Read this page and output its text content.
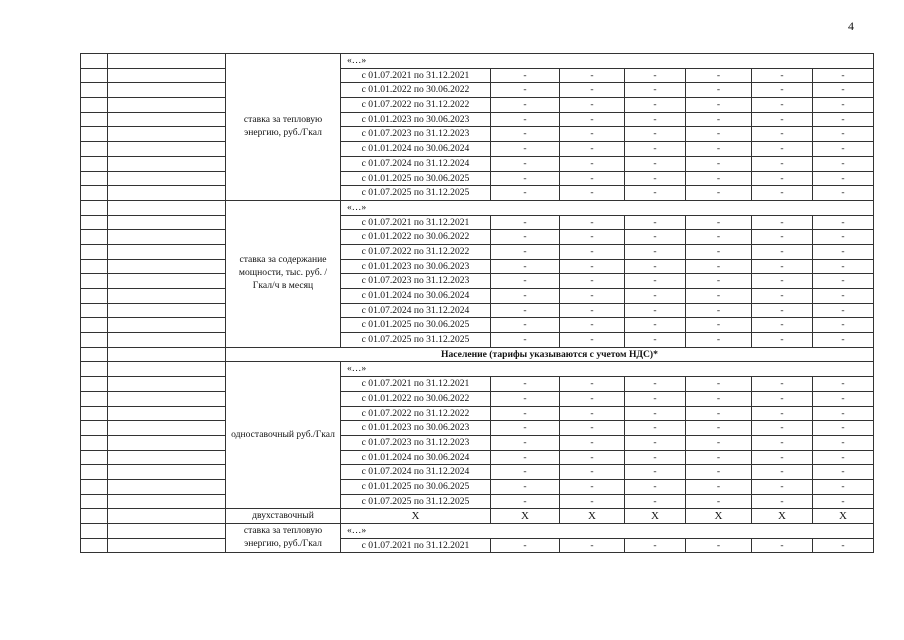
4
		ставка за тепловую энергию, руб./Гкал	«…»						
			с 01.07.2021 по 31.12.2021	-	-	-	-	-	-
			с 01.01.2022 по 30.06.2022	-	-	-	-	-	-
			с 01.07.2022 по 31.12.2022	-	-	-	-	-	-
			с 01.01.2023 по 30.06.2023	-	-	-	-	-	-
			с 01.07.2023 по 31.12.2023	-	-	-	-	-	-
			с 01.01.2024 по 30.06.2024	-	-	-	-	-	-
			с 01.07.2024 по 31.12.2024	-	-	-	-	-	-
			с 01.01.2025 по 30.06.2025	-	-	-	-	-	-
			с 01.07.2025 по 31.12.2025	-	-	-	-	-	-
		ставка за содержание мощности, тыс. руб. /Гкал/ч в месяц	«…»						
			с 01.07.2021 по 31.12.2021	-	-	-	-	-	-
			с 01.01.2022 по 30.06.2022	-	-	-	-	-	-
			с 01.07.2022 по 31.12.2022	-	-	-	-	-	-
			с 01.01.2023 по 30.06.2023	-	-	-	-	-	-
			с 01.07.2023 по 31.12.2023	-	-	-	-	-	-
			с 01.01.2024 по 30.06.2024	-	-	-	-	-	-
			с 01.07.2024 по 31.12.2024	-	-	-	-	-	-
			с 01.01.2025 по 30.06.2025	-	-	-	-	-	-
			с 01.07.2025 по 31.12.2025	-	-	-	-	-	-
		Население (тарифы указываются с учетом НДС)*							
		одноставочный руб./Гкал	«…»						
			с 01.07.2021 по 31.12.2021	-	-	-	-	-	-
			с 01.01.2022 по 30.06.2022	-	-	-	-	-	-
			с 01.07.2022 по 31.12.2022	-	-	-	-	-	-
			с 01.01.2023 по 30.06.2023	-	-	-	-	-	-
			с 01.07.2023 по 31.12.2023	-	-	-	-	-	-
			с 01.01.2024 по 30.06.2024	-	-	-	-	-	-
			с 01.07.2024 по 31.12.2024	-	-	-	-	-	-
			с 01.01.2025 по 30.06.2025	-	-	-	-	-	-
			с 01.07.2025 по 31.12.2025	-	-	-	-	-	-
		двухставочный	Х	Х	Х	Х	Х	Х	Х
		ставка за тепловую энергию, руб./Гкал	«…»						
			с 01.07.2021 по 31.12.2021	-	-	-	-	-	-
